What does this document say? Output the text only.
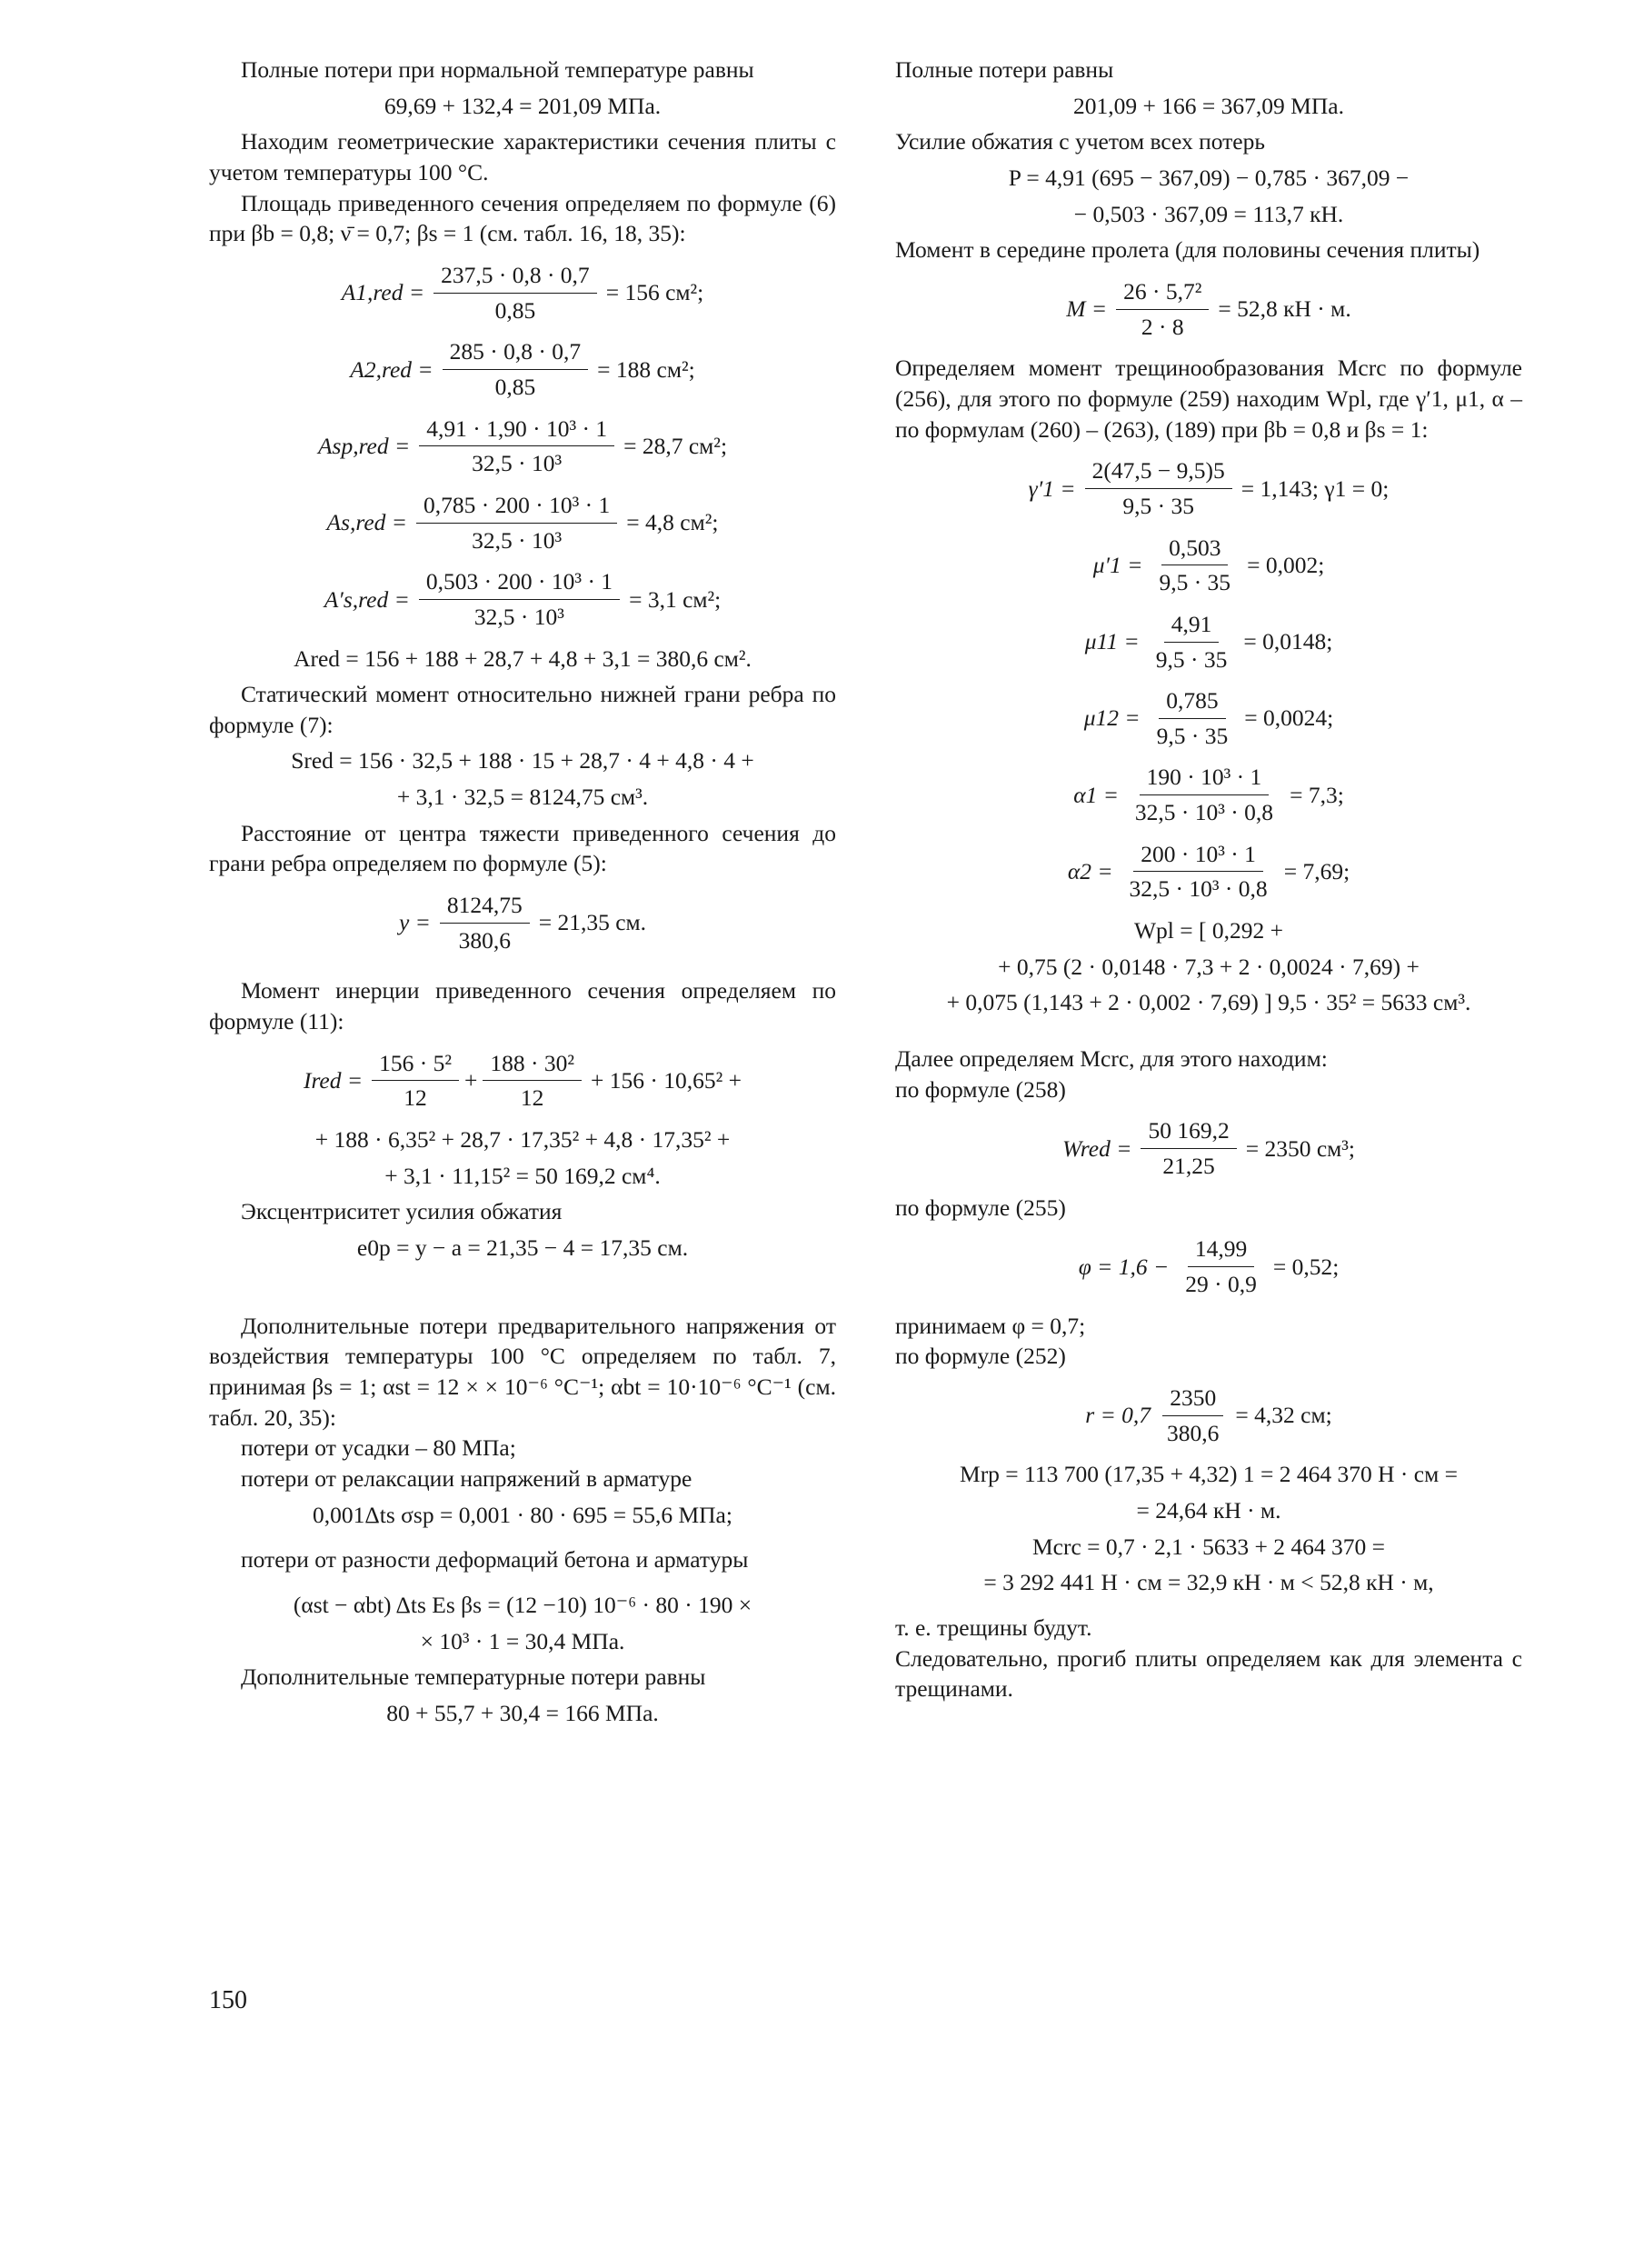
Полные потери при нормальной температуре равны

69,69 + 132,4 = 201,09 МПа.

Находим геометрические характеристики сечения плиты с учетом температуры 100 °С.

Площадь приведенного сечения определяем по формуле (6) при βb = 0,8; ν̄ = 0,7; βs = 1 (см. табл. 16, 18, 35):

$A1,red = \frac{237,5 \cdot 0,8 \cdot 0,7}{0,85} = 156$ см²;
$A2,red = \frac{285 \cdot 0,8 \cdot 0,7}{0,85} = 188$ см²;
$Asp,red = \frac{\text{4,91 · 1,90 · 10³ · 1}}{\text{32,5 · 10³}} = 28,7$ см²;
$As,red = \frac{\text{0,785 · 200 · 10³ · 1}}{\text{32,5 · 10³}} = 4,8$ см²;
$A's,red = \frac{\text{0,503 · 200 · 10³ · 1}}{\text{32,5 · 10³}} = 3,1$ см²;
Ared = 156 + 188 + 28,7 + 4,8 + 3,1 = 380,6 см².

Статический момент относительно нижней грани ребра по формуле (7):

Sred = 156 · 32,5 + 188 · 15 + 28,7 · 4 + 4,8 · 4 +
+ 3,1 · 32,5 = 8124,75 см³.

Расстояние от центра тяжести приведенного сечения до грани ребра определяем по формуле (5):

$y = \frac{8124,75}{380,6} = 21,35$ см.

Момент инерции приведенного сечения определяем по формуле (11):

Ired = $\frac{\text{156 · 5²}}{12} + \frac{\text{188 · 30²}}{12} + 156 \cdot 10,65^2$ +
+ 188 · 6,35² + 28,7 · 17,35² + 4,8 · 17,35² +
+ 3,1 · 11,15² = 50 169,2 см⁴.

Эксцентриситет усилия обжатия

e0p = y − a = 21,35 − 4 = 17,35 см.

Дополнительные потери предварительного напряжения от воздействия температуры 100 °С определяем по табл. 7, принимая βs = 1; αst = 12 × × 10⁻⁶ °С⁻¹; αbt = 10·10⁻⁶ °С⁻¹ (см. табл. 20, 35):

потери от усадки – 80 МПа;
потери от релаксации напряжений в арматуре
0,001Δts σsp = 0,001 · 80 · 695 = 55,6 МПа;

потери от разности деформаций бетона и арматуры

(αst − αbt) Δts Es βs = (12 −10) 10⁻⁶ · 80 · 190 ×
× 10³ · 1 = 30,4 МПа.

Дополнительные температурные потери равны

80 + 55,7 + 30,4 = 166 МПа.

Полные потери равны

201,09 + 166 = 367,09 МПа.

Усилие обжатия с учетом всех потерь

P = 4,91 (695 − 367,09) − 0,785 · 367,09 −
− 0,503 · 367,09 = 113,7 кН.

Момент в середине пролета (для половины сечения плиты)

$M = \frac{\text{26 · 5,7²}}{2 \cdot 8} = 52,8$ кН · м.

Определяем момент трещинообразования Mcrc по формуле (256), для этого по формуле (259) находим Wpl, где γ′1, μ1, α – по формулам (260) – (263), (189) при βb = 0,8 и βs = 1:

$\gamma'1 = \frac{2(47,5 - 9,5)5}{9,5 \cdot 35} = 1,143$; γ1 = 0;
$\mu'1 = \frac{0,503}{9,5 \cdot 35} = 0,002$;
$\mu 11 = \frac{4,91}{9,5 \cdot 35} = 0,0148$;
$\mu 12 = \frac{0,785}{9,5 \cdot 35} = 0,0024$;
$\alpha 1 = \frac{\text{190 · 10³ · 1}}{\text{32,5 · 10³ · 0,8}} = 7,3$;
$\alpha 2 = \frac{\text{200 · 10³ · 1}}{\text{32,5 · 10³ · 0,8}} = 7,69$;
Wpl = [ 0,292 +
+ 0,75 (2 · 0,0148 · 7,3 + 2 · 0,0024 · 7,69) +
+ 0,075 (1,143 + 2 · 0,002 · 7,69) ] 9,5 · 35² = 5633 см³.

Далее определяем Mcrc, для этого находим:

по формуле (258)

Wred = $\frac{50 169,2}{21,25} = 2350$ см³;

по формуле (255)

$\varphi = 1,6 - \frac{14,99}{29 \cdot 0,9} = 0,52$;

принимаем φ = 0,7;

по формуле (252)

$r = 0,7 \frac{2350}{380,6} = 4,32$ см;
Mrp = 113 700 (17,35 + 4,32) 1 = 2 464 370 Н · см =
= 24,64 кН · м.
Mcrc = 0,7 · 2,1 · 5633 + 2 464 370 =
= 3 292 441 Н · см = 32,9 кН · м < 52,8 кН · м,

т. е. трещины будут.

Следовательно, прогиб плиты определяем как для элемента с трещинами.

150
